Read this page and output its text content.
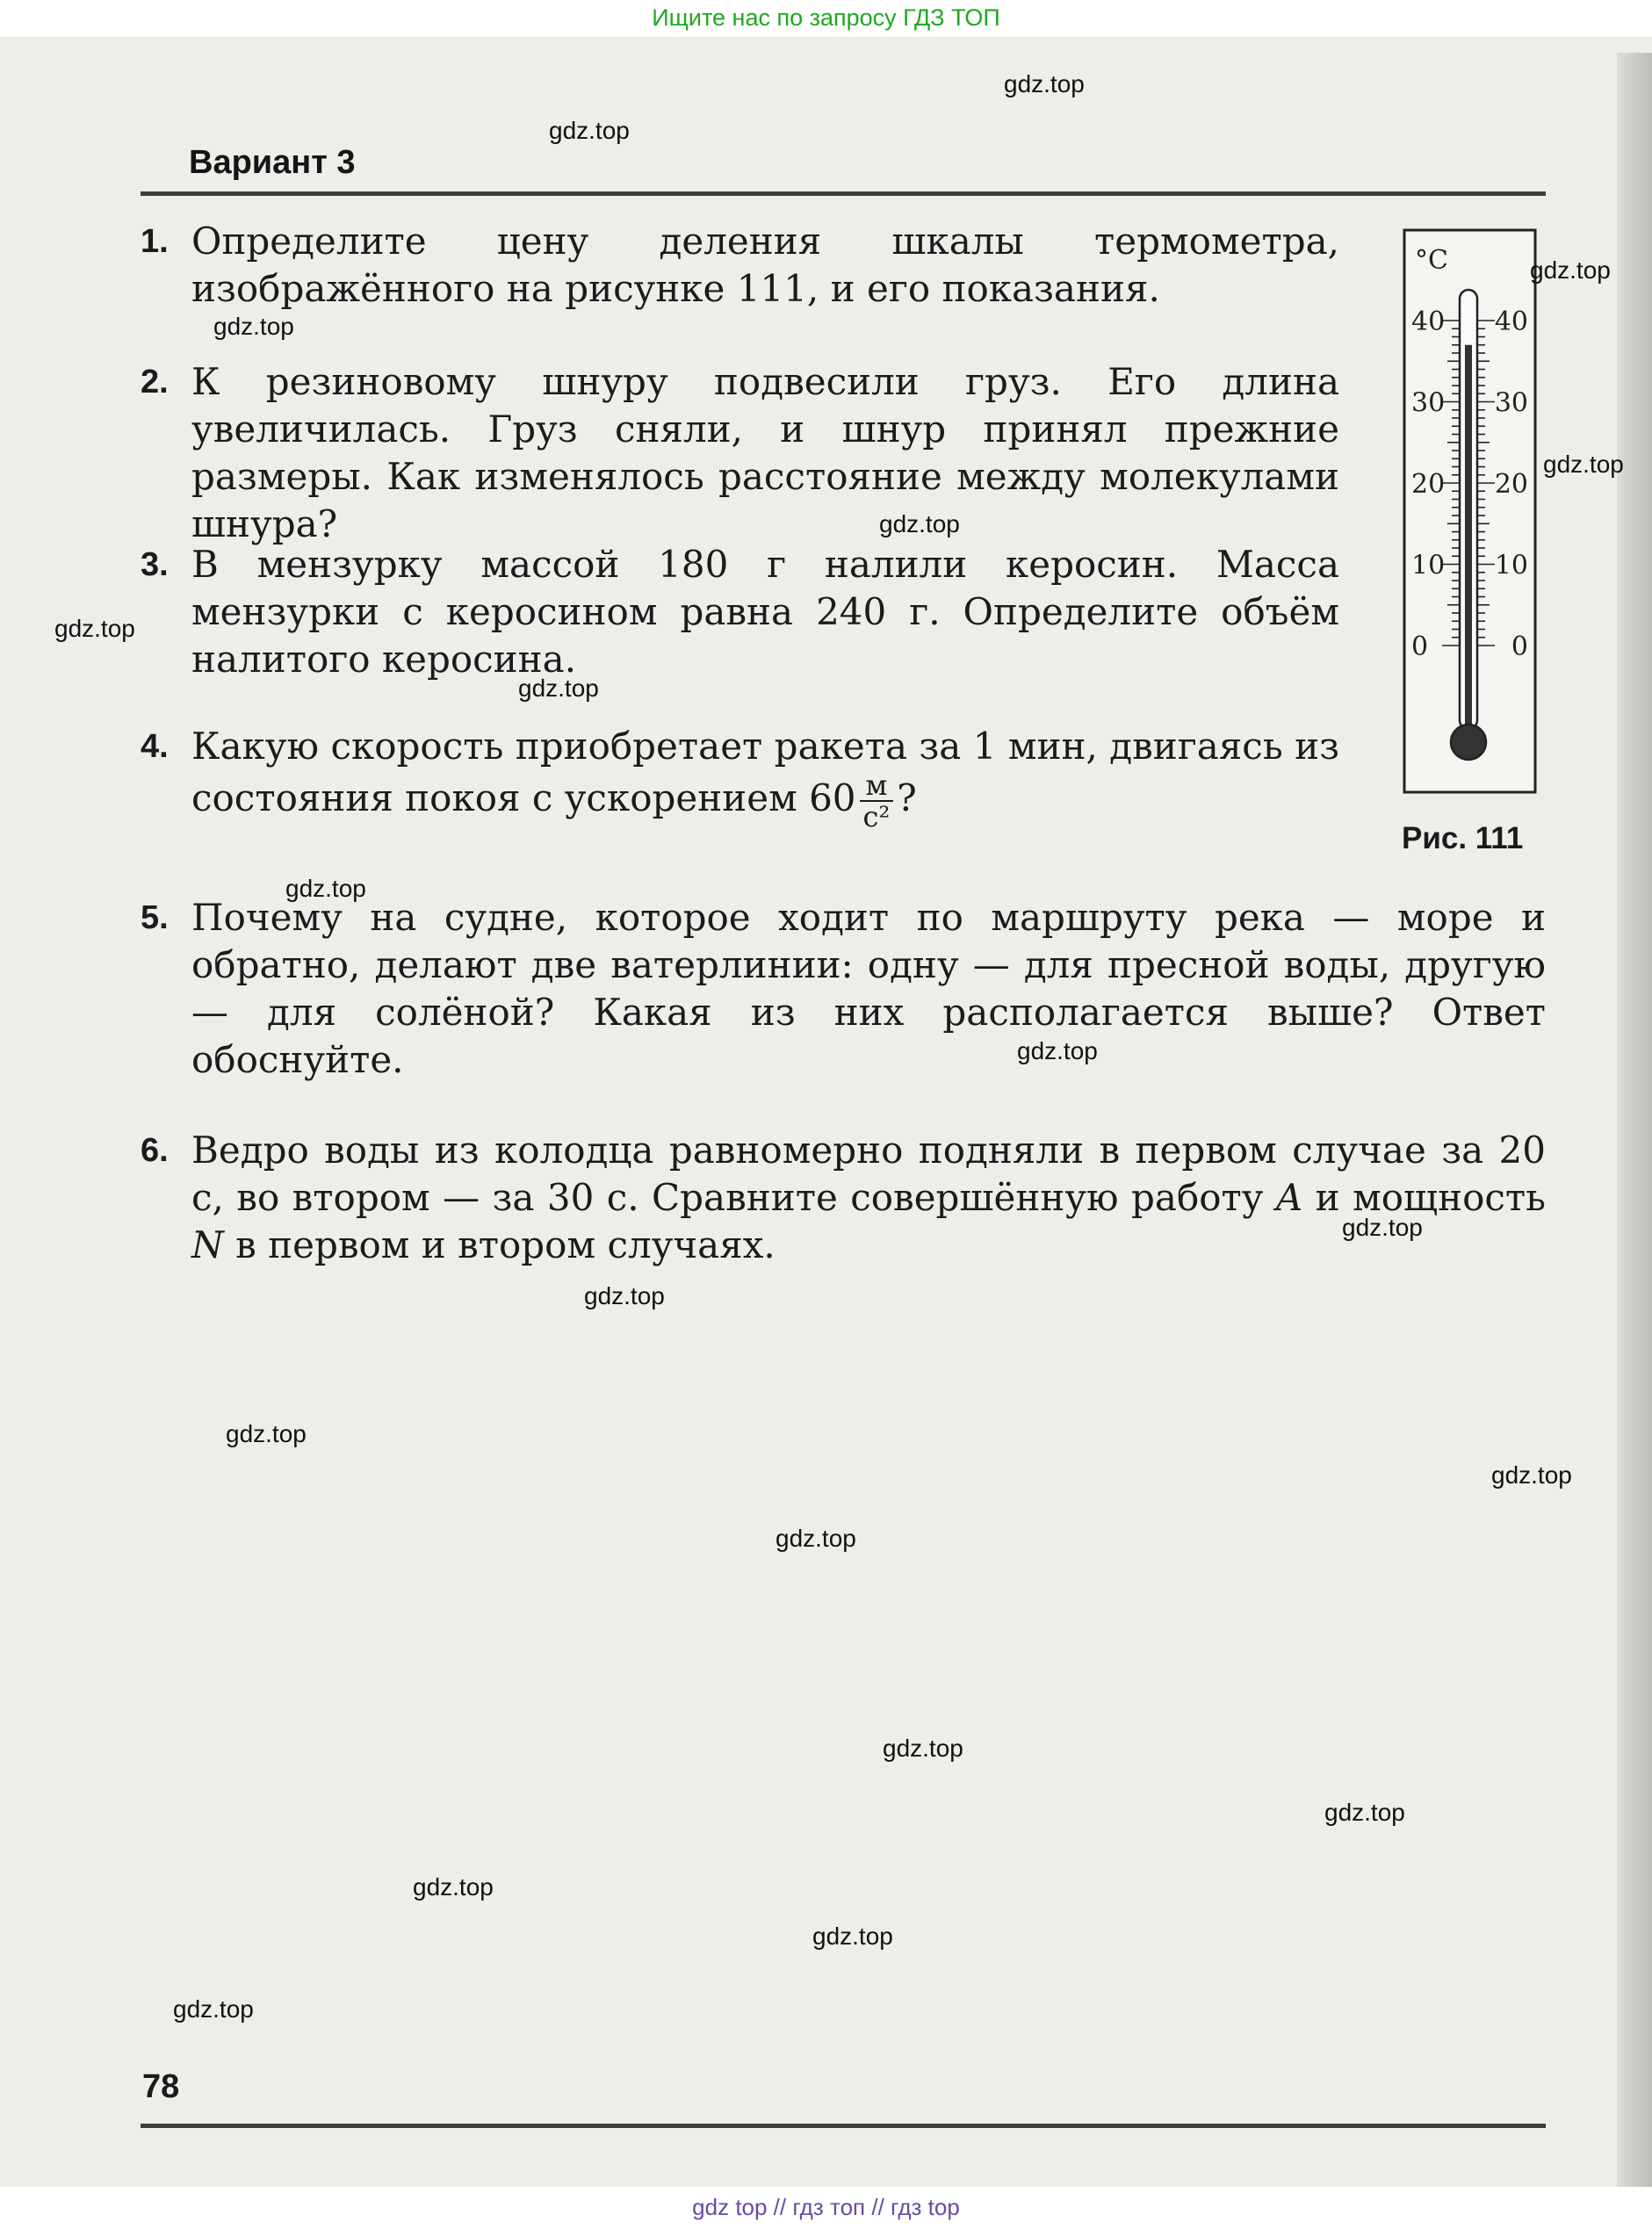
Вариант 3
1. Определите цену деления шкалы термометра, изображённого на рисунке 111, и его показания.
2. К резиновому шнуру подвесили груз. Его длина увеличилась. Груз сняли, и шнур принял прежние размеры. Как изменялось расстояние между молекулами шнура?
3. В мензурку массой 180 г налили керосин. Масса мензурки с керосином равна 240 г. Определите объём налитого керосина.
4. Какую скорость приобретает ракета за 1 мин, двигаясь из состояния покоя с ускорением $60 \frac{м}{\text{с²}}$ ?
5. Почему на судне, которое ходит по маршруту река — море и обратно, делают две ватерлинии: одну — для пресной воды, другую — для солёной? Какая из них располагается выше? Ответ обоснуйте.
6. Ведро воды из колодца равномерно подняли в первом случае за 20 с, во втором — за 30 с. Сравните совершённую работу A и мощность N в первом и втором случаях.
°C
40 40
30 30
20 20
10 10
0	0
Рис. 111
78
gdz.top
gdz.top
gdz.top
gdz.top
gdz.top
gdz.top
gdz.top
gdz.top
gdz.top
gdz.top
gdz.top
gdz.top
gdz.top
gdz.top
gdz.top
gdz.top
gdz.top
gdz.top
gdz.top
gdz.top
Ищите нас по запросу ГДЗ ТОП
gdz top // гдз топ // гдз top
